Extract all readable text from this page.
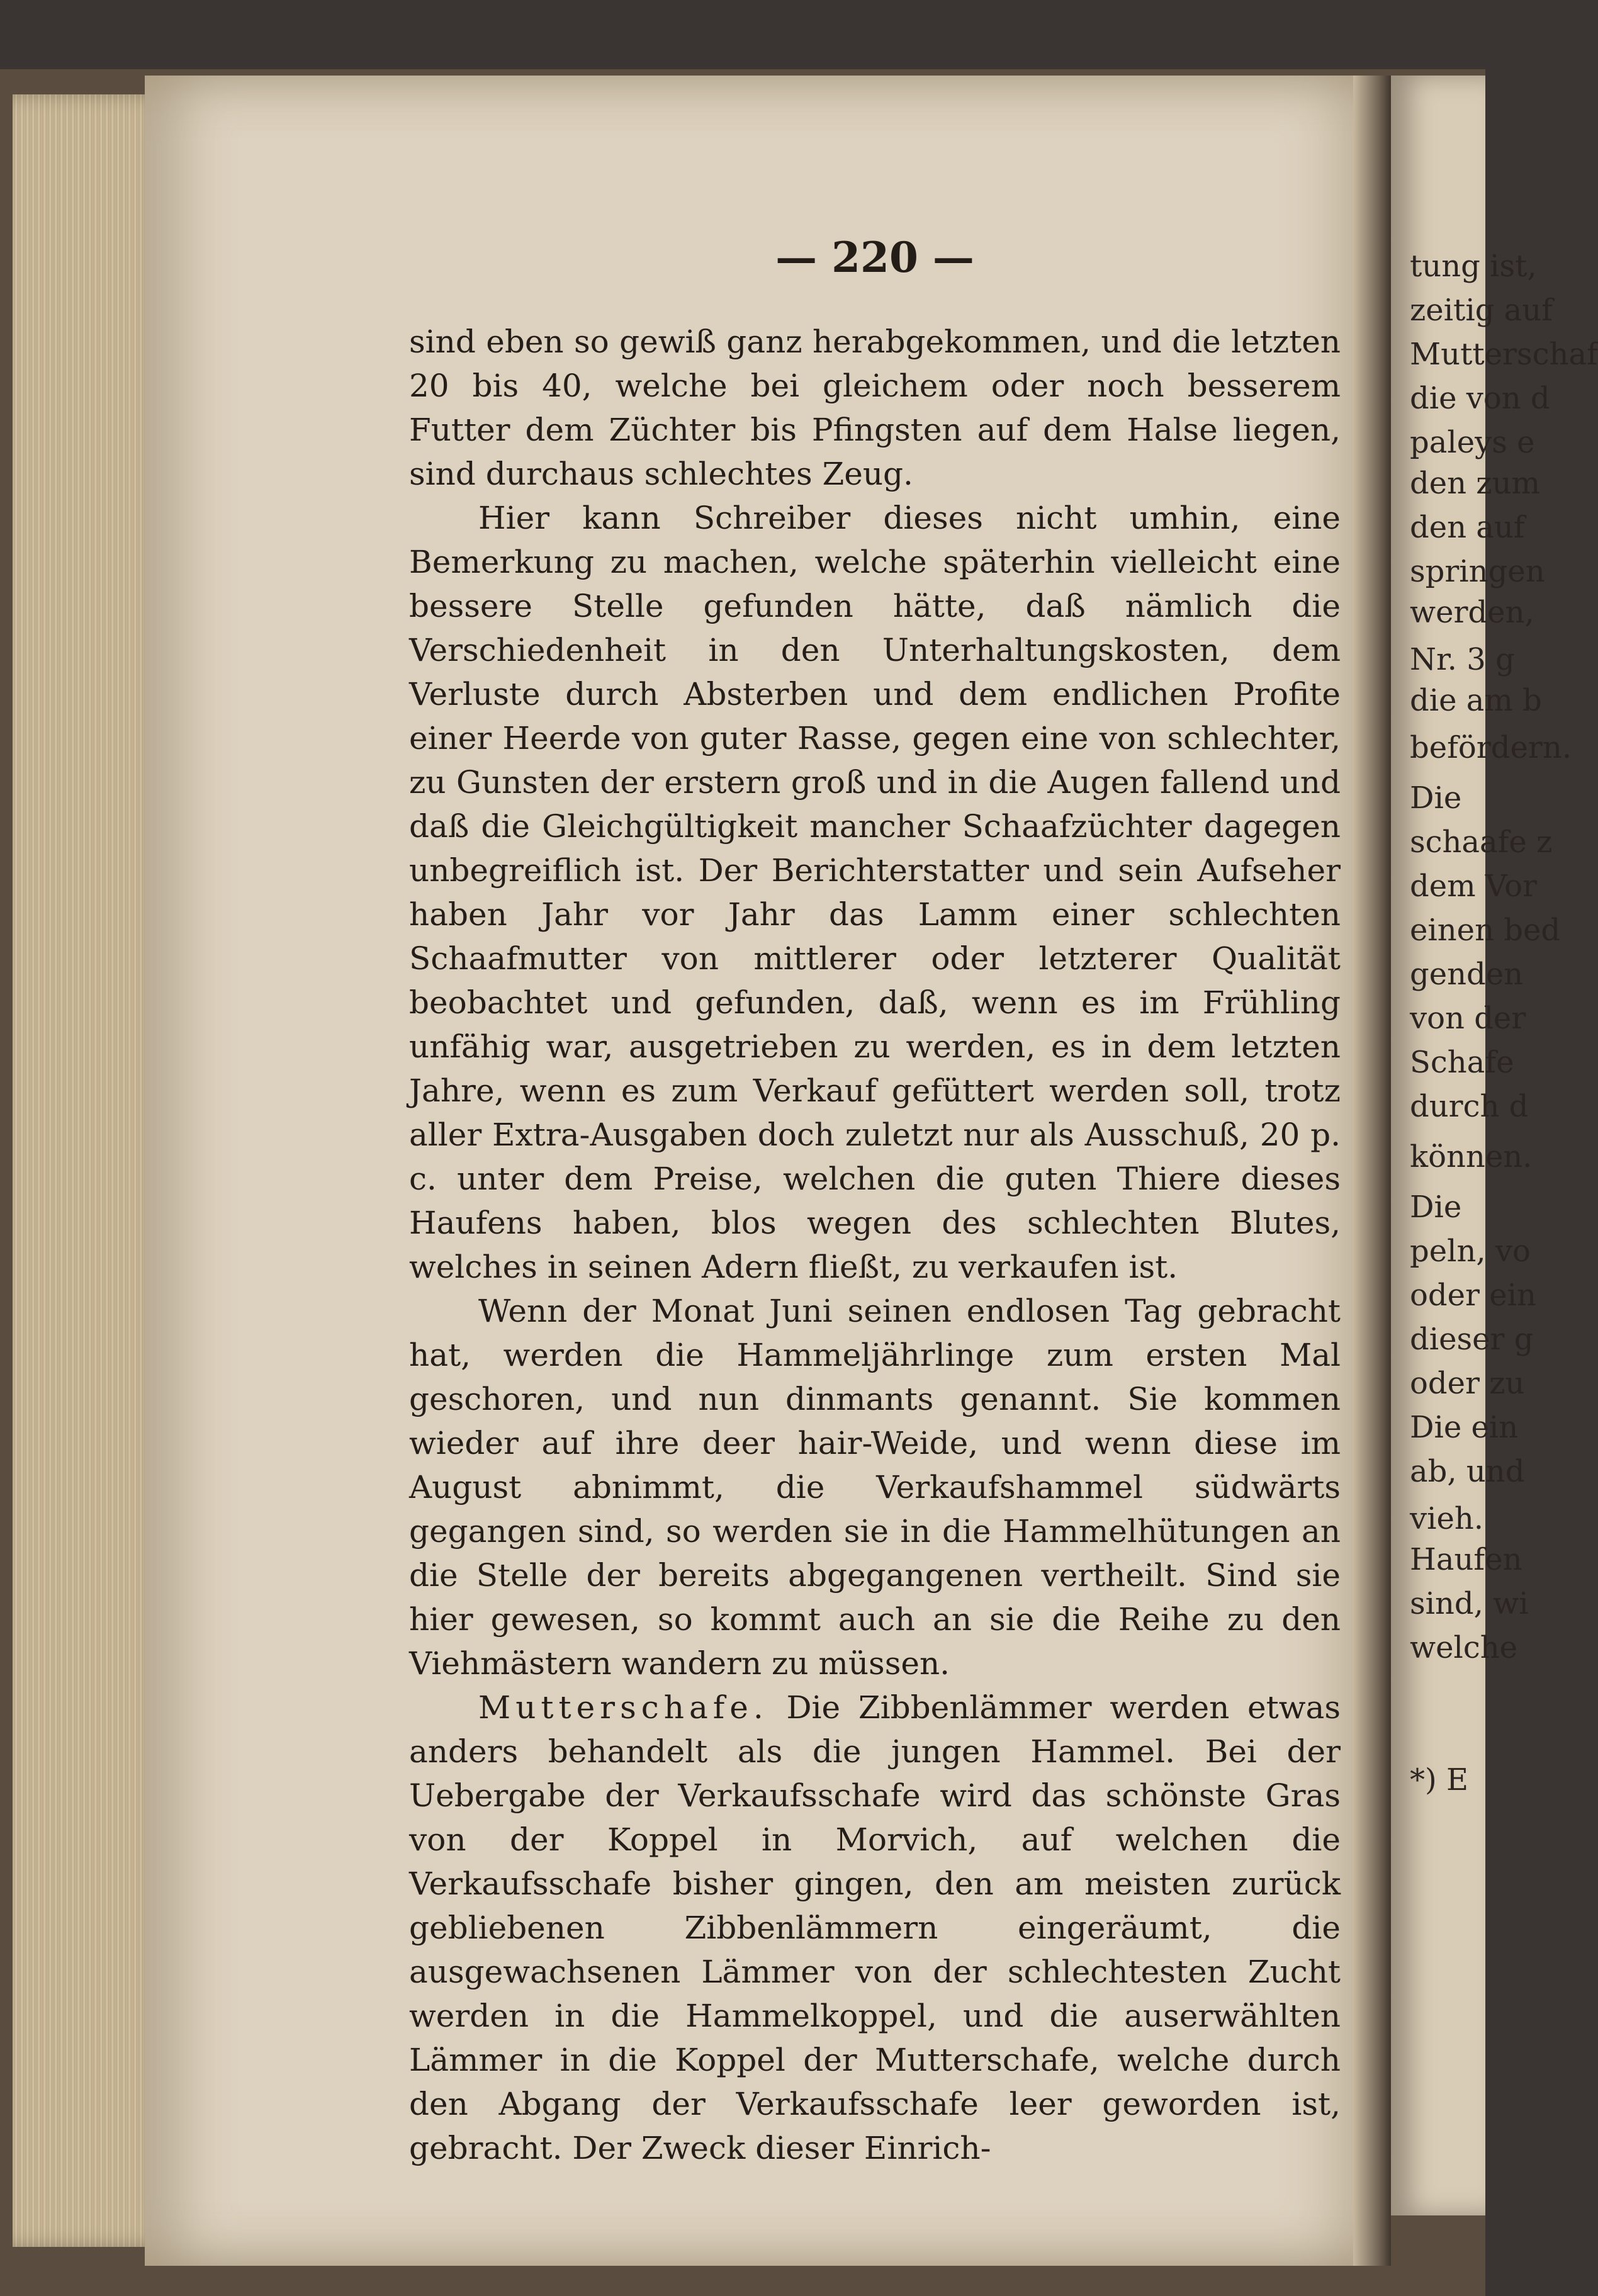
tung ist,
zeitig auf
Mutterschaf
die von d
paleys e
den zum
den auf
springen
werden,
Nr. 3 g
die am b
befördern.
Die
schaafe z
dem Vor
einen bed
genden
von der
Schafe
durch d
können.
Die
peln, vo
oder ein
dieser g
oder zu
Die ein
ab, und
vieh.
Haufen
sind, wi
welche
*) E
— 220 —

sind eben so gewiß ganz herabgekommen, und die letzten 20 bis 40, welche bei gleichem oder noch besserem Futter dem Züchter bis Pfingsten auf dem Halse liegen, sind durchaus schlechtes Zeug.

Hier kann Schreiber dieses nicht umhin, eine Bemerkung zu machen, welche späterhin vielleicht eine bessere Stelle gefunden hätte, daß nämlich die Verschiedenheit in den Unterhaltungskosten, dem Verluste durch Absterben und dem endlichen Profite einer Heerde von guter Rasse, gegen eine von schlechter, zu Gunsten der erstern groß und in die Augen fallend und daß die Gleichgültigkeit mancher Schaafzüchter dagegen unbegreiflich ist. Der Berichterstatter und sein Aufseher haben Jahr vor Jahr das Lamm einer schlechten Schaafmutter von mittlerer oder letzterer Qualität beobachtet und gefunden, daß, wenn es im Frühling unfähig war, ausgetrieben zu werden, es in dem letzten Jahre, wenn es zum Verkauf gefüttert werden soll, trotz aller Extra-Ausgaben doch zuletzt nur als Ausschuß, 20 p. c. unter dem Preise, welchen die guten Thiere dieses Haufens haben, blos wegen des schlechten Blutes, welches in seinen Adern fließt, zu verkaufen ist.

Wenn der Monat Juni seinen endlosen Tag gebracht hat, werden die Hammeljährlinge zum ersten Mal geschoren, und nun dinmants genannt. Sie kommen wieder auf ihre deer hair-Weide, und wenn diese im August abnimmt, die Verkaufshammel südwärts gegangen sind, so werden sie in die Hammelhütungen an die Stelle der bereits abgegangenen vertheilt. Sind sie hier gewesen, so kommt auch an sie die Reihe zu den Viehmästern wandern zu müssen.

Mutterschafe. Die Zibbenlämmer werden etwas anders behandelt als die jungen Hammel. Bei der Uebergabe der Verkaufsschafe wird das schönste Gras von der Koppel in Morvich, auf welchen die Verkaufsschafe bisher gingen, den am meisten zurück gebliebenen Zibbenlämmern eingeräumt, die ausgewachsenen Lämmer von der schlechtesten Zucht werden in die Hammelkoppel, und die auserwählten Lämmer in die Koppel der Mutterschafe, welche durch den Abgang der Verkaufsschafe leer geworden ist, gebracht. Der Zweck dieser Einrich-
